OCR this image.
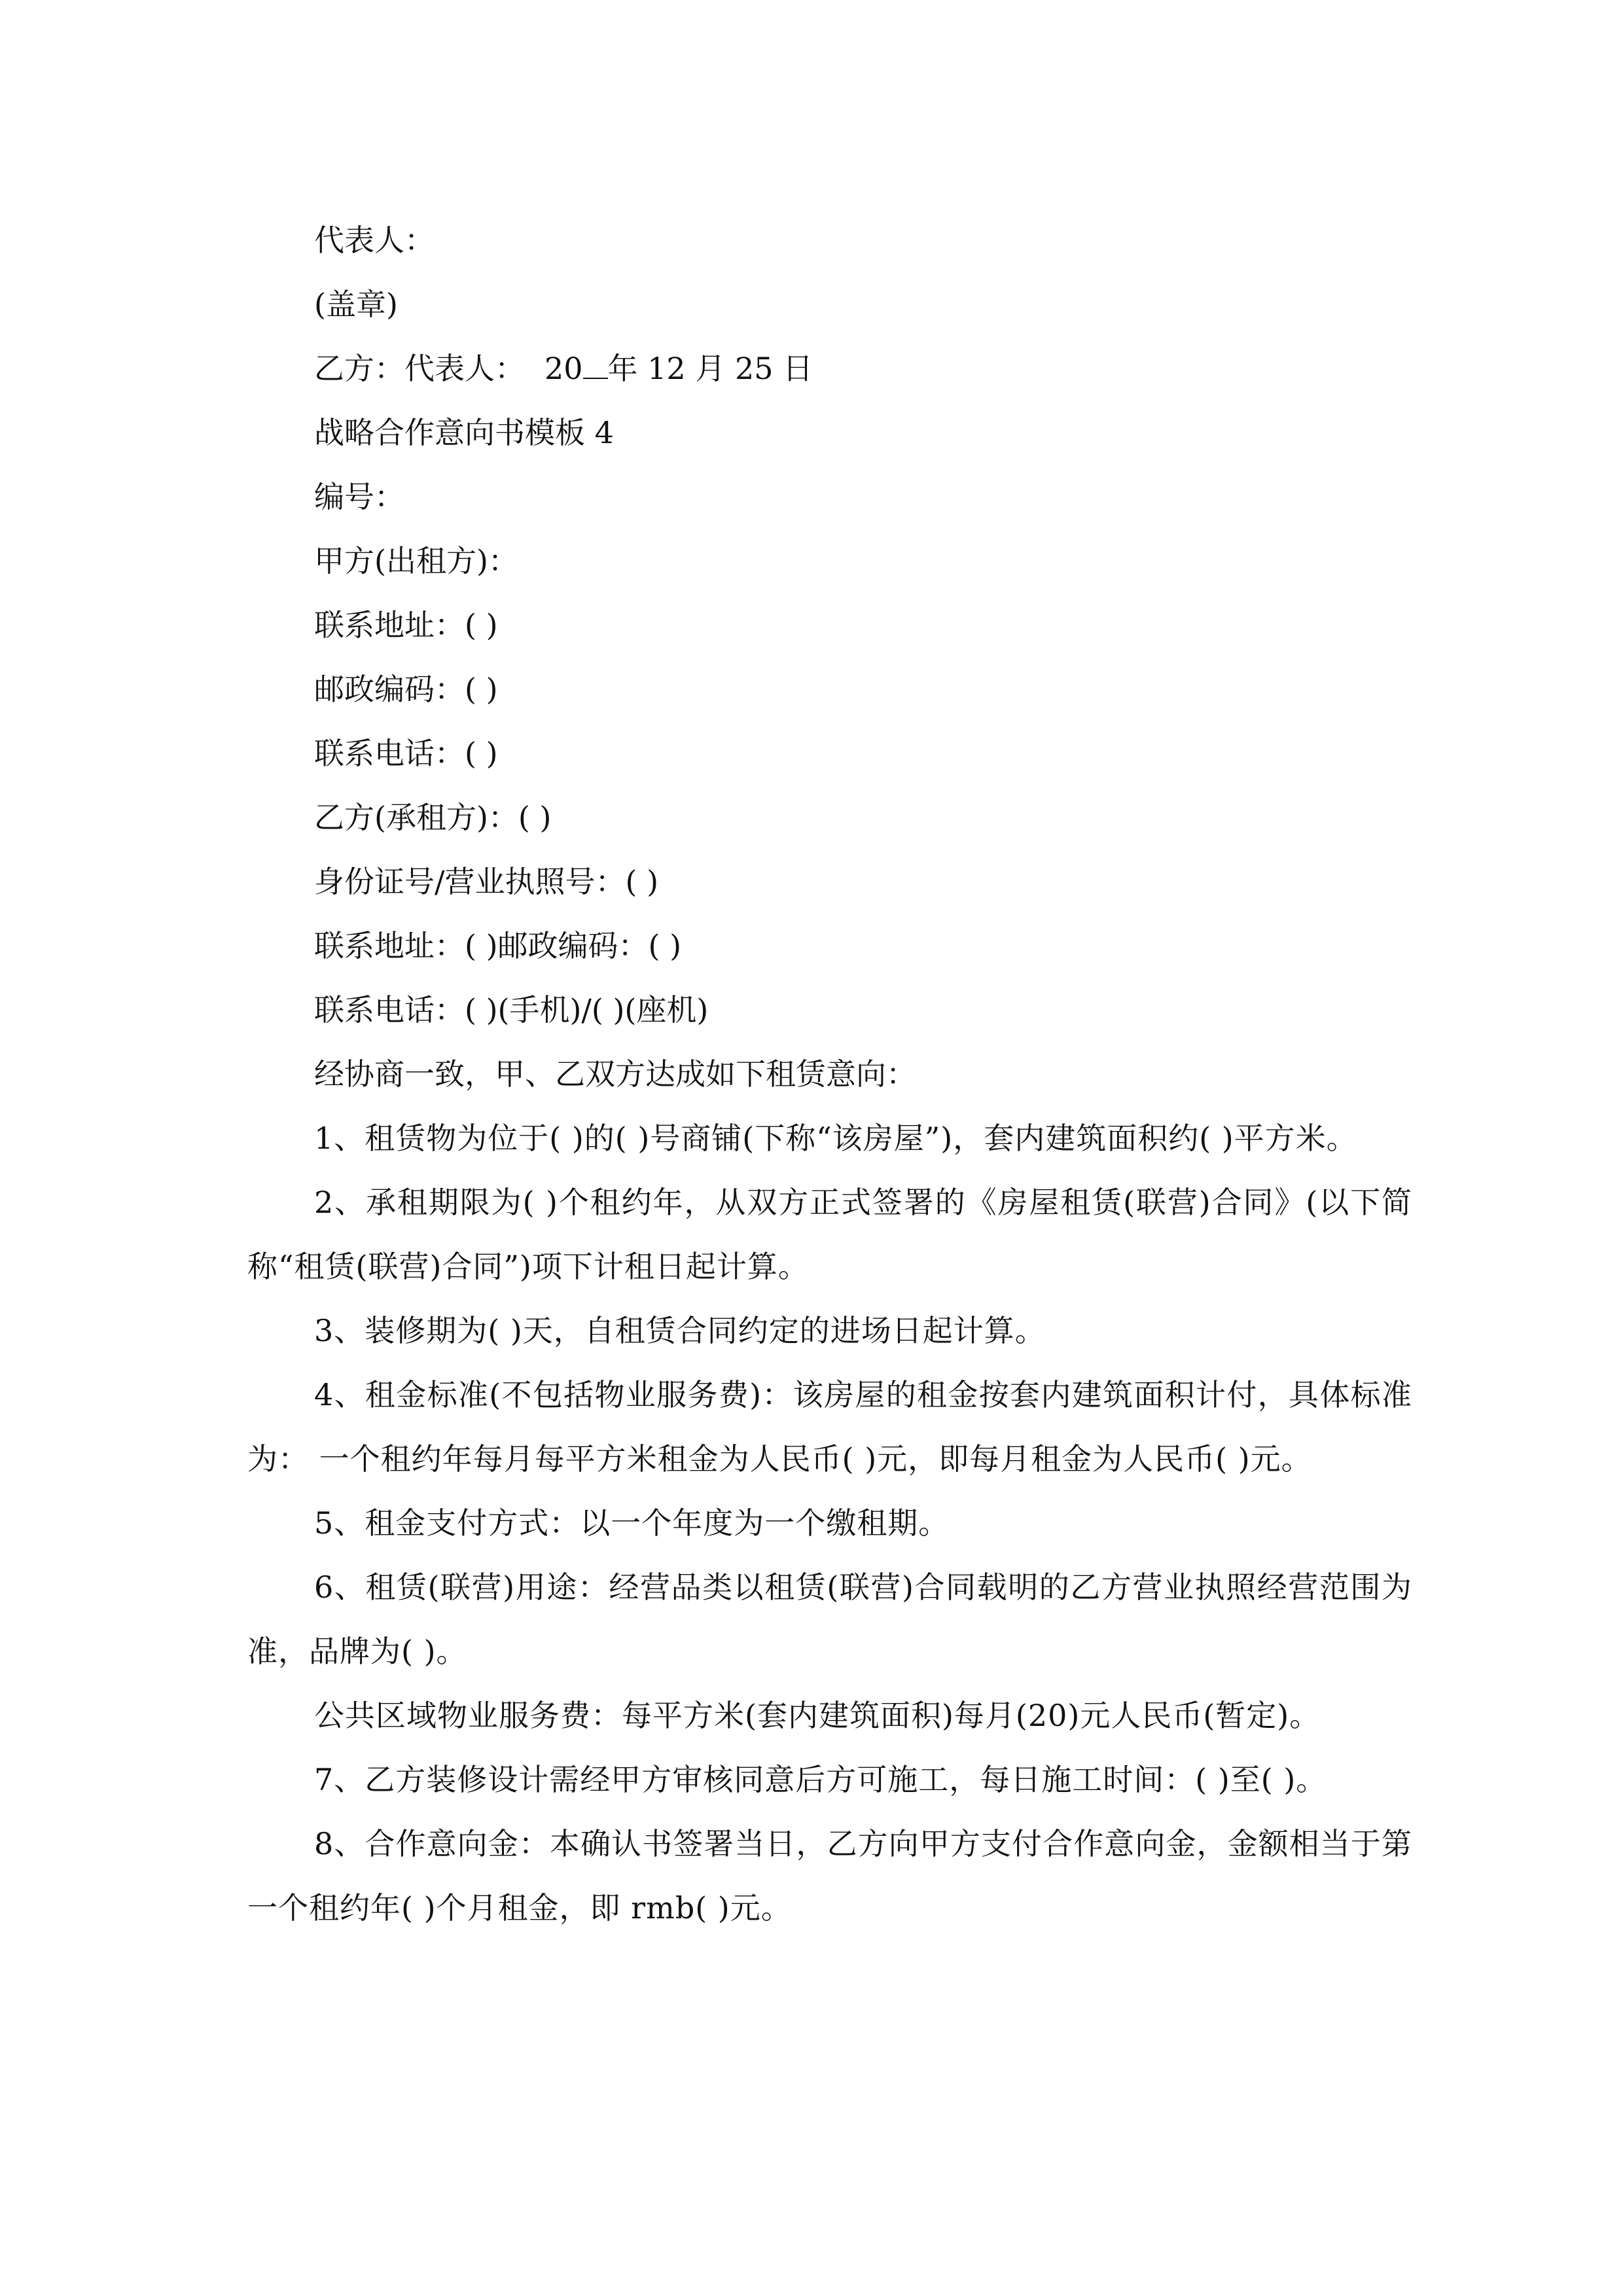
代表人：
(盖章)
乙方：代表人： 20 年 12 月 25 日
战略合作意向书模板 4
编号：
甲方(出租方)：
联系地址：( )
邮政编码：( )
联系电话：( )
乙方(承租方)：( )
身份证号/营业执照号：( )
联系地址：( )邮政编码：( )
联系电话：( )(手机)/( )(座机)
经协商一致，甲、乙双方达成如下租赁意向：

1、租赁物为位于( )的( )号商铺(下称“该房屋”)，套内建筑面积约( )平方米。

2、承租期限为( )个租约年，从双方正式签署的《房屋租赁(联营)合同》(以下简称“租赁(联营)合同”)项下计租日起计算。

3、装修期为( )天，自租赁合同约定的进场日起计算。

4、租金标准(不包括物业服务费)：该房屋的租金按套内建筑面积计付，具体标准为： 一个租约年每月每平方米租金为人民币( )元，即每月租金为人民币( )元。

5、租金支付方式：以一个年度为一个缴租期。

6、租赁(联营)用途：经营品类以租赁(联营)合同载明的乙方营业执照经营范围为准，品牌为( )。

公共区域物业服务费：每平方米(套内建筑面积)每月(20)元人民币(暂定)。

7、乙方装修设计需经甲方审核同意后方可施工，每日施工时间：( )至( )。

8、合作意向金：本确认书签署当日，乙方向甲方支付合作意向金，金额相当于第一个租约年( )个月租金，即 rmb( )元。
